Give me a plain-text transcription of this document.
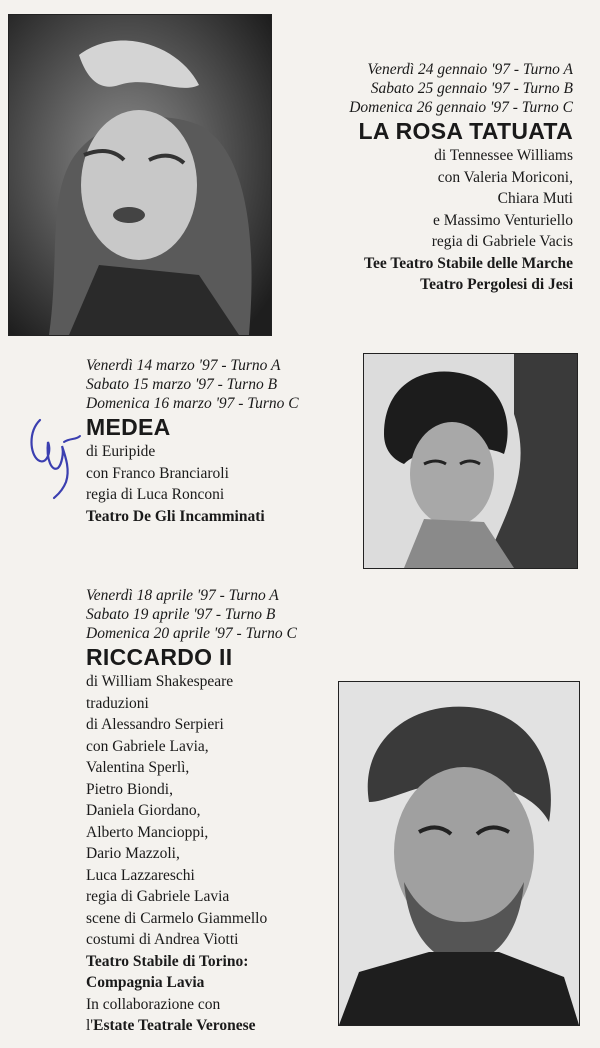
Venerdì 24 gennaio '97 - Turno A

Sabato 25 gennaio '97 - Turno B

Domenica 26 gennaio '97 - Turno C

LA ROSA TATUATA

di Tennessee Williams

con Valeria Moriconi,

Chiara Muti

e Massimo Venturiello

regia di Gabriele Vacis

Tee Teatro Stabile delle Marche

Teatro Pergolesi di Jesi

Venerdì 14 marzo '97 - Turno A

Sabato 15 marzo '97 - Turno B

Domenica 16 marzo '97 - Turno C

MEDEA

di Euripide

con Franco Branciaroli

regia di Luca Ronconi

Teatro De Gli Incamminati

Venerdì 18 aprile '97 - Turno A

Sabato 19 aprile '97 - Turno B

Domenica 20 aprile '97 - Turno C

RICCARDO II

di William Shakespeare

traduzioni

di Alessandro Serpieri

con Gabriele Lavia,

Valentina Sperlì,

Pietro Biondi,

Daniela Giordano,

Alberto Mancioppi,

Dario Mazzoli,

Luca Lazzareschi

regia di Gabriele Lavia

scene di Carmelo Giammello

costumi di Andrea Viotti

Teatro Stabile di Torino:

Compagnia Lavia

In collaborazione con

l'Estate Teatrale Veronese
